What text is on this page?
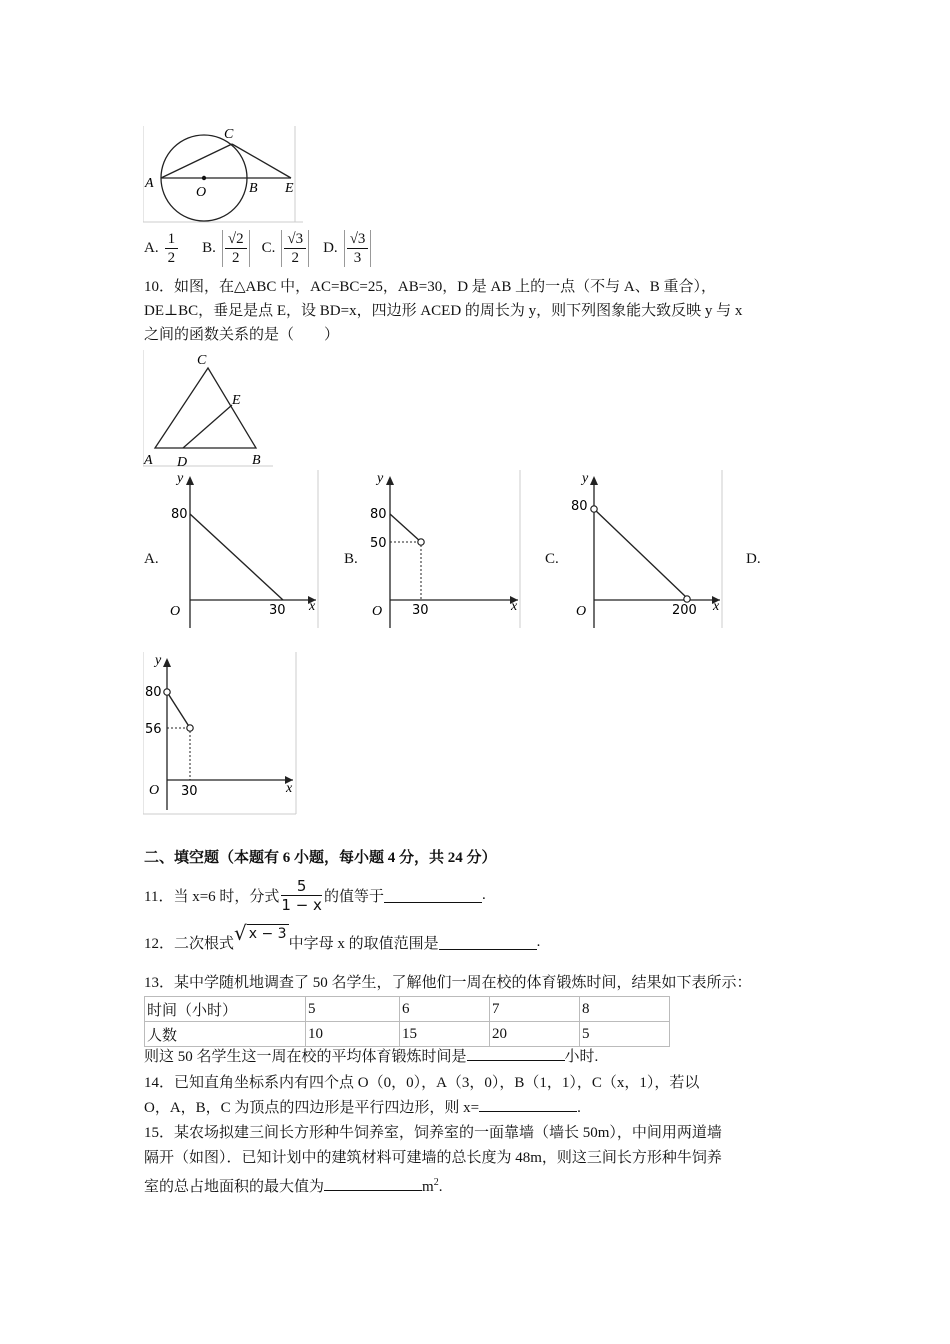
A
C
O	B E
A. $\frac{1}{2} B$. $\frac{√2}{2} C$. $\frac{√3}{2} D$. $\frac{√3}{3}$
10．如图，在△ABC 中，AC=BC=25，AB=30，D 是 AB 上的一点（不与 A、B 重合），
DE⊥BC，垂足是点 E，设 BD=x，四边形 ACED 的周长为 y，则下列图象能大致反映 y 与 x
之间的函数关系的是（　　）
C
E
A D	B
A.	B.	C.	D.
y
x
O
80
30
y
x
O
80
50
30
y
x
O
80
200
y
x
O
80
56
30
二、填空题（本题有 6 小题，每小题 4 分，共 24 分）
11．当 x=6 时，分式 $\frac{5}{1 - x}$ 的值等于	.
12．二次根式 √ x − 3
中字母 x 的取值范围是	.
13．某中学随机地调查了 50 名学生，了解他们一周在校的体育锻炼时间，结果如下表所示：
时间（小时）	5	6	7	8
人数	10	15	20	5
则这 50 名学生这一周在校的平均体育锻炼时间是	小时.
14．已知直角坐标系内有四个点 O（0，0），A（3，0），B（1，1），C（x，1），若以
O，A，B，C 为顶点的四边形是平行四边形，则 x=	.
15．某农场拟建三间长方形种牛饲养室，饲养室的一面靠墙（墙长 50m），中间用两道墙
隔开（如图）．已知计划中的建筑材料可建墙的总长度为 48m，则这三间长方形种牛饲养
室的总占地面积的最大值为	$m^2$.
